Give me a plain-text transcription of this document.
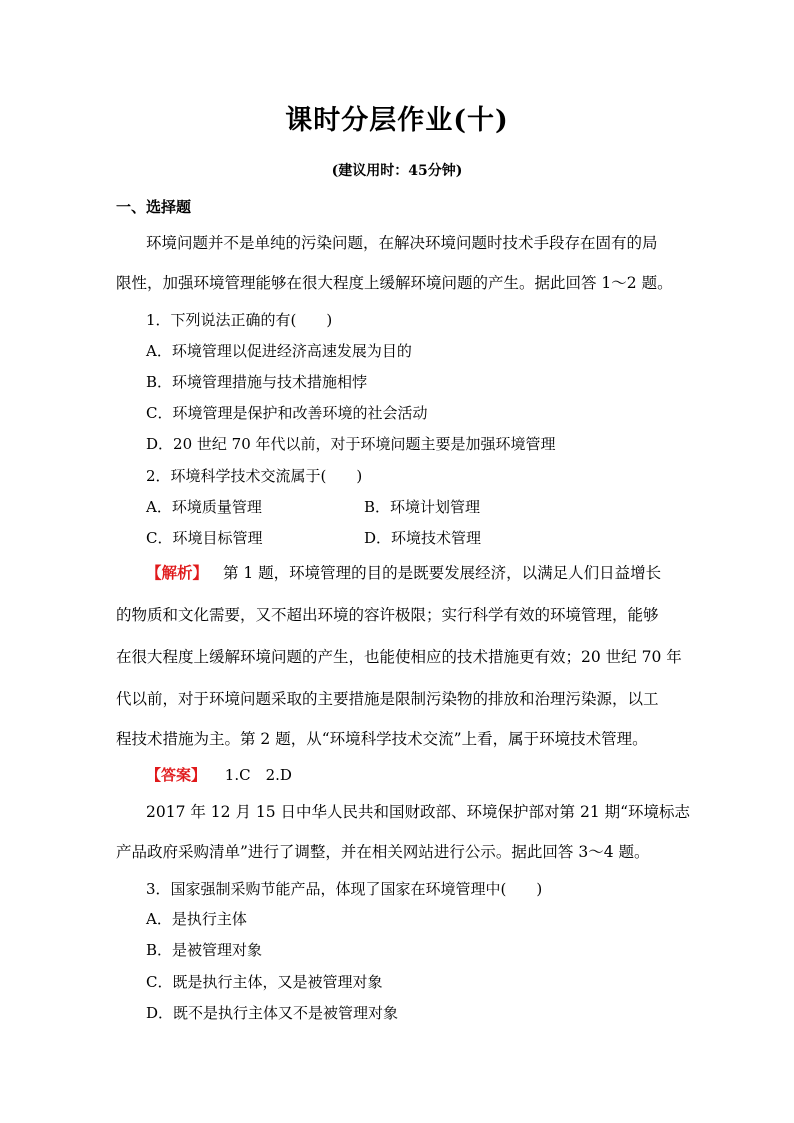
课时分层作业(十)
(建议用时：45分钟)
一、选择题
环境问题并不是单纯的污染问题，在解决环境问题时技术手段存在固有的局
限性，加强环境管理能够在很大程度上缓解环境问题的产生。据此回答 1～2 题。
1．下列说法正确的有(　　)
A．环境管理以促进经济高速发展为目的
B．环境管理措施与技术措施相悖
C．环境管理是保护和改善环境的社会活动
D．20 世纪 70 年代以前，对于环境问题主要是加强环境管理
2．环境科学技术交流属于(　　)
A．环境质量管理	B．环境计划管理
C．环境目标管理	D．环境技术管理
【解析】 第 1 题，环境管理的目的是既要发展经济，以满足人们日益增长
的物质和文化需要，又不超出环境的容许极限；实行科学有效的环境管理，能够
在很大程度上缓解环境问题的产生，也能使相应的技术措施更有效；20 世纪 70 年
代以前，对于环境问题采取的主要措施是限制污染物的排放和治理污染源，以工
程技术措施为主。第 2 题，从“环境科学技术交流”上看，属于环境技术管理。
【答案】 1.C　2.D
2017 年 12 月 15 日中华人民共和国财政部、环境保护部对第 21 期“环境标志
产品政府采购清单”进行了调整，并在相关网站进行公示。据此回答 3～4 题。
3．国家强制采购节能产品，体现了国家在环境管理中(　　)
A．是执行主体
B．是被管理对象
C．既是执行主体，又是被管理对象
D．既不是执行主体又不是被管理对象
